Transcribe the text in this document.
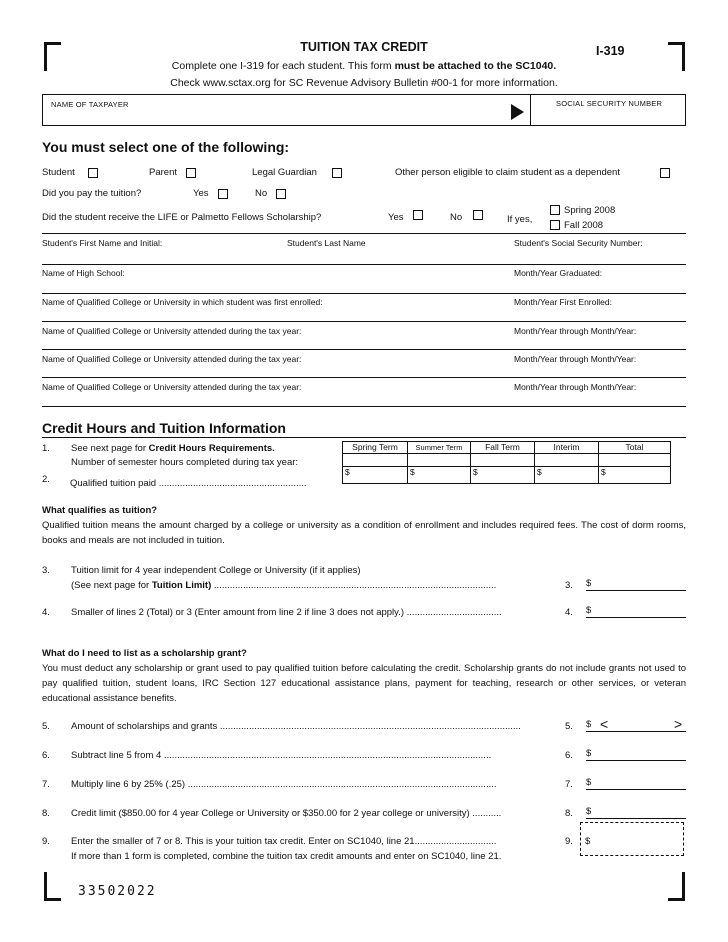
TUITION TAX CREDIT	I-319
Complete one I-319 for each student. This form must be attached to the SC1040.
Check www.sctax.org for SC Revenue Advisory Bulletin #00-1 for more information.
NAME OF TAXPAYER	SOCIAL SECURITY NUMBER
You must select one of the following:
Student	Parent	Legal Guardian	Other person eligible to claim student as a dependent
Did you pay the tuition?	Yes	No
Did the student receive the LIFE or Palmetto Fellows Scholarship?	Yes	No	If yes,
Spring 2008
Fall 2008
Student's First Name and Initial:	Student's Last Name	Student's Social Security Number:
Name of High School:	Month/Year Graduated:
Name of Qualified College or University in which student was first enrolled:	Month/Year First Enrolled:
Name of Qualified College or University attended during the tax year:	Month/Year through Month/Year:
Name of Qualified College or University attended during the tax year:	Month/Year through Month/Year:
Name of Qualified College or University attended during the tax year:	Month/Year through Month/Year:
Credit Hours and Tuition Information
1. See next page for Credit Hours Requirements.
Number of semester hours completed during tax year:
Spring Term	Summer Term	Fall Term	Interim	Total
$	$	$	$	$
2. Qualified tuition paid ........................................................
What qualifies as tuition?
Qualified tuition means the amount charged by a college or university as a condition of enrollment and includes required fees. The cost of dorm rooms, books and meals are not included in tuition.
3. Tuition limit for 4 year independent College or University (if it applies)
(See next page for Tuition Limit) ...........................................................................................................	3. $
4. Smaller of lines 2 (Total) or 3 (Enter amount from line 2 if line 3 does not apply.) ....................................	4. $
What do I need to list as a scholarship grant?
You must deduct any scholarship or grant used to pay qualified tuition before calculating the credit. Scholarship grants do not include grants not used to pay qualified tuition, student loans, IRC Section 127 educational assistance plans, payment for teaching, research or other services, or veteran educational assistance benefits.
5. Amount of scholarships and grants ..................................................................................................................	5. $ <	>
6. Subtract line 5 from 4 ............................................................................................................................	6. $
7. Multiply line 6 by 25% (.25) .....................................................................................................................	7. $
8. Credit limit ($850.00 for 4 year College or University or $350.00 for 2 year college or university) ...........	8. $
9. Enter the smaller of 7 or 8. This is your tuition tax credit. Enter on SC1040, line 21...............................	9. $
If more than 1 form is completed, combine the tuition tax credit amounts and enter on SC1040, line 21.
33502022
